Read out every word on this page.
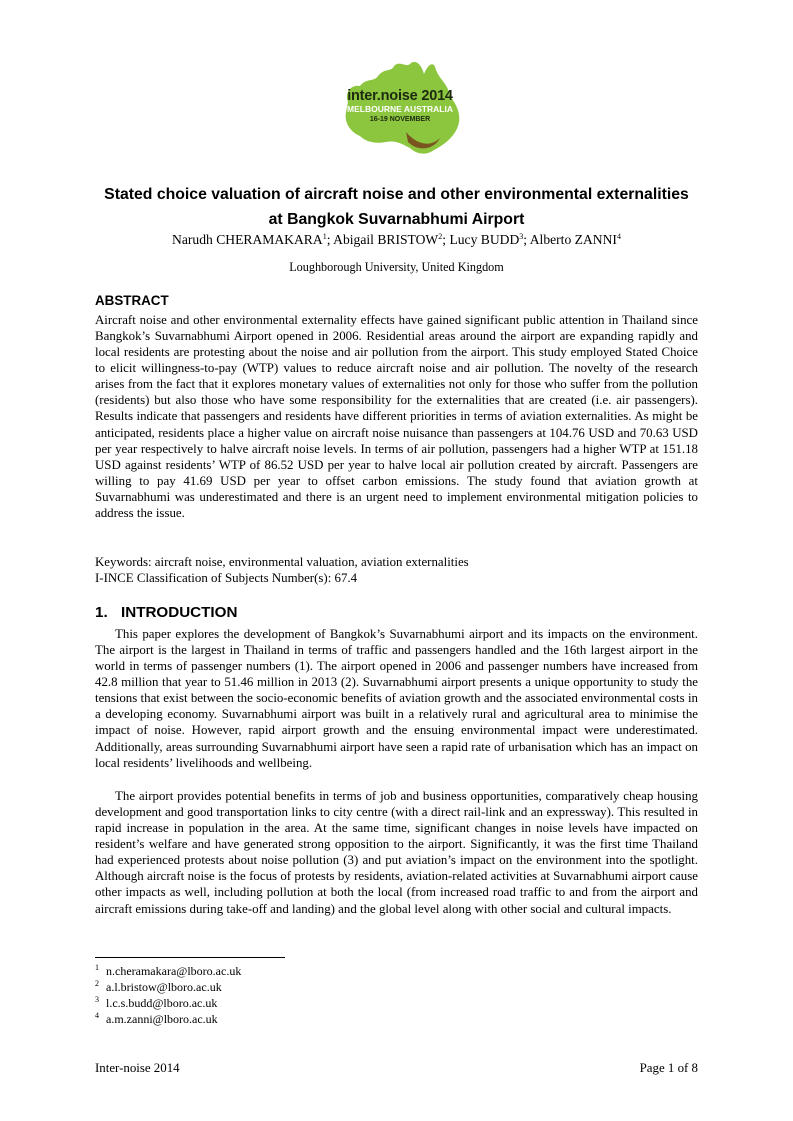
inter.noise 2014
MELBOURNE AUSTRALIA
16-19 NOVEMBER
Stated choice valuation of aircraft noise and other environmental externalities
at Bangkok Suvarnabhumi Airport
Narudh CHERAMAKARA$^1$; Abigail BRISTOW$^2$; Lucy BUDD$^3$; Alberto ZANNI$^4$
Loughborough University, United Kingdom
ABSTRACT

Aircraft noise and other environmental externality effects have gained significant public attention in Thailand since Bangkok’s Suvarnabhumi Airport opened in 2006. Residential areas around the airport are expanding rapidly and local residents are protesting about the noise and air pollution from the airport. This study employed Stated Choice to elicit willingness-to-pay (WTP) values to reduce aircraft noise and air pollution. The novelty of the research arises from the fact that it explores monetary values of externalities not only for those who suffer from the pollution (residents) but also those who have some responsibility for the externalities that are created (i.e. air passengers). Results indicate that passengers and residents have different priorities in terms of aviation externalities. As might be anticipated, residents place a higher value on aircraft noise nuisance than passengers at 104.76 USD and 70.63 USD per year respectively to halve aircraft noise levels. In terms of air pollution, passengers had a higher WTP at 151.18 USD against residents’ WTP of 86.52 USD per year to halve local air pollution created by aircraft. Passengers are willing to pay 41.69 USD per year to offset carbon emissions. The study found that aviation growth at Suvarnabhumi was underestimated and there is an urgent need to implement environmental mitigation policies to address the issue.

Keywords: aircraft noise, environmental valuation, aviation externalities
I-INCE Classification of Subjects Number(s): 67.4
1. INTRODUCTION

This paper explores the development of Bangkok’s Suvarnabhumi airport and its impacts on the environment. The airport is the largest in Thailand in terms of traffic and passengers handled and the 16th largest airport in the world in terms of passenger numbers (1). The airport opened in 2006 and passenger numbers have increased from 42.8 million that year to 51.46 million in 2013 (2). Suvarnabhumi airport presents a unique opportunity to study the tensions that exist between the socio-economic benefits of aviation growth and the associated environmental costs in a developing economy. Suvarnabhumi airport was built in a relatively rural and agricultural area to minimise the impact of noise. However, rapid airport growth and the ensuing environmental impact were underestimated. Additionally, areas surrounding Suvarnabhumi airport have seen a rapid rate of urbanisation which has an impact on local residents’ livelihoods and wellbeing.

The airport provides potential benefits in terms of job and business opportunities, comparatively cheap housing development and good transportation links to city centre (with a direct rail-link and an expressway). This resulted in rapid increase in population in the area. At the same time, significant changes in noise levels have impacted on resident’s welfare and have generated strong opposition to the airport. Significantly, it was the first time Thailand had experienced protests about noise pollution (3) and put aviation’s impact on the environment into the spotlight. Although aircraft noise is the focus of protests by residents, aviation-related activities at Suvarnabhumi airport cause other impacts as well, including pollution at both the local (from increased road traffic to and from the airport and aircraft emissions during take-off and landing) and the global level along with other social and cultural impacts.

$^1$ n.cheramakara@lboro.ac.uk
$^2$ a.l.bristow@lboro.ac.uk
$^3$ l.c.s.budd@lboro.ac.uk
$^4$ a.m.zanni@lboro.ac.uk
Inter-noise 2014	Page 1 of 8
